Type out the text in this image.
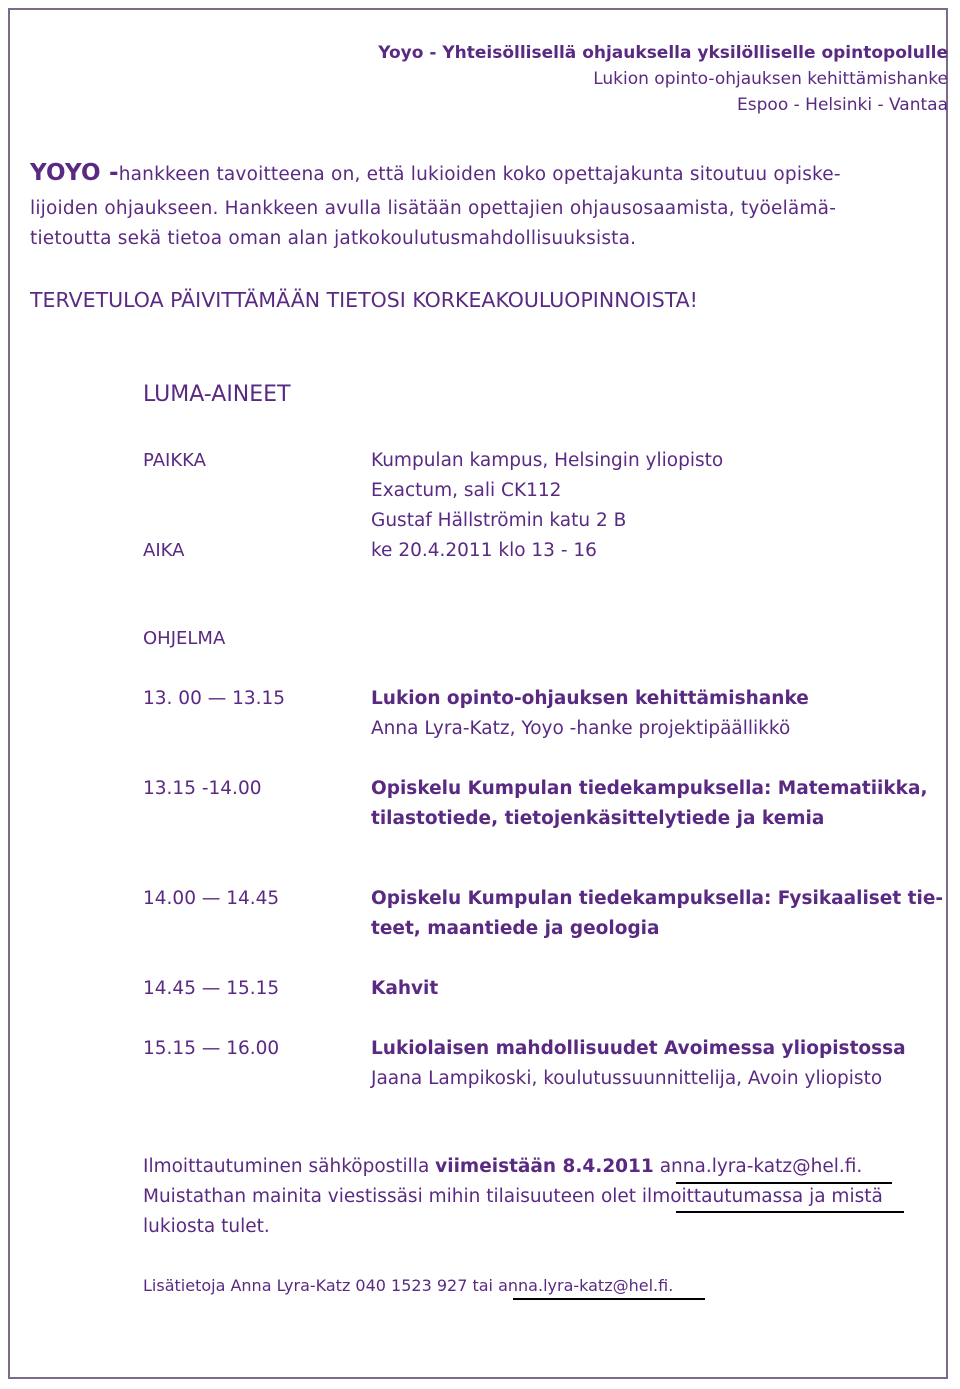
Yoyo - Yhteisöllisellä ohjauksella yksilölliselle opintopolulle
Lukion opinto-ohjauksen kehittämishanke
Espoo - Helsinki - Vantaa
YOYO -hankkeen tavoitteena on, että lukioiden koko opettajakunta sitoutuu opiske-
lijoiden ohjaukseen. Hankkeen avulla lisätään opettajien ohjausosaamista, työelämä-
tietoutta sekä tietoa oman alan jatkokoulutusmahdollisuuksista.
TERVETULOA PÄIVITTÄMÄÄN TIETOSI KORKEAKOULUOPINNOISTA!
LUMA-AINEET
PAIKKA	Kumpulan kampus, Helsingin yliopisto
Exactum, sali CK112
Gustaf Hällströmin katu 2 B
AIKA	ke 20.4.2011 klo 13 - 16
OHJELMA
13. 00 — 13.15	Lukion opinto-ohjauksen kehittämishanke
Anna Lyra-Katz, Yoyo -hanke projektipäällikkö
13.15 -14.00	Opiskelu Kumpulan tiedekampuksella: Matematiikka,
tilastotiede, tietojenkäsittelytiede ja kemia
14.00 — 14.45	Opiskelu Kumpulan tiedekampuksella: Fysikaaliset tie-
teet, maantiede ja geologia
14.45 — 15.15	Kahvit
15.15 — 16.00	Lukiolaisen mahdollisuudet Avoimessa yliopistossa
Jaana Lampikoski, koulutussuunnittelija, Avoin yliopisto
Ilmoittautuminen sähköpostilla viimeistään 8.4.2011 anna.lyra-katz@hel.fi.
Muistathan mainita viestissäsi mihin tilaisuuteen olet ilmoittautumassa ja mistä
lukiosta tulet.
Lisätietoja Anna Lyra-Katz 040 1523 927 tai anna.lyra-katz@hel.fi.
